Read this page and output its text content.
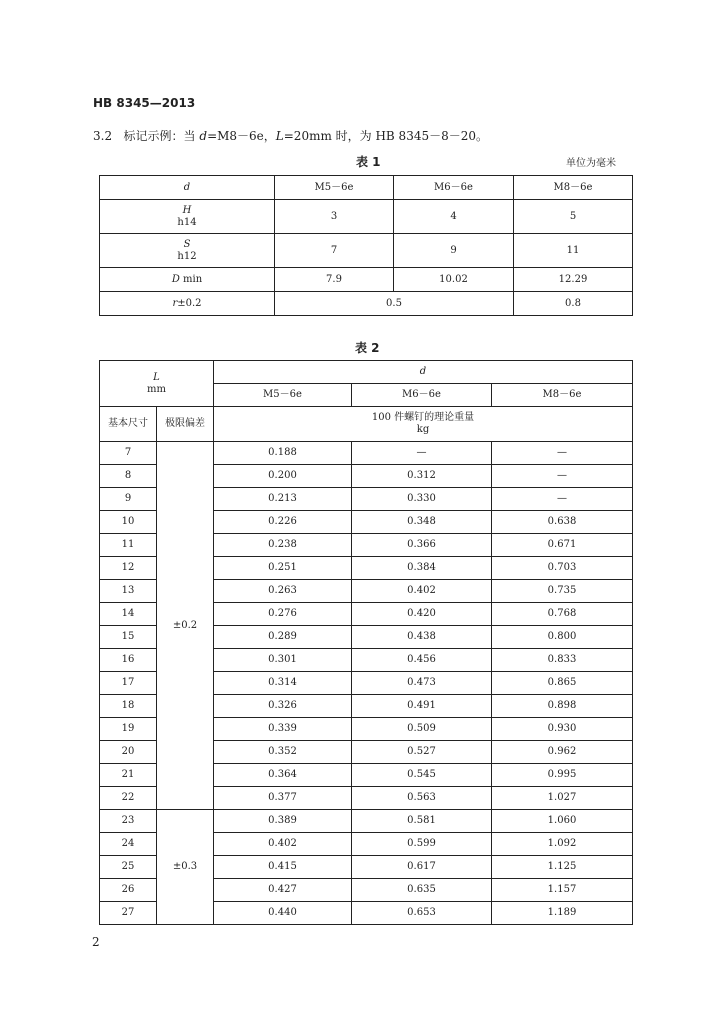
HB 8345—2013
3.2 标记示例：当 d=M8－6e，L=20mm 时，为 HB 8345－8－20。
表 1	单位为毫米
d	M5－6e	M6－6e	M8－6e
H
h14	3	4	5
S
h12	7	9	11
D min	7.9	10.02	12.29
r±0.2	0.5		0.8
表 2
L
mm		d		
		M5－6e	M6－6e	M8－6e
基本尺寸	极限偏差	100 件螺钉的理论重量
kg		
7	±0.2	0.188	—	—
8		0.200	0.312	—
9		0.213	0.330	—
10		0.226	0.348	0.638
11		0.238	0.366	0.671
12		0.251	0.384	0.703
13		0.263	0.402	0.735
14		0.276	0.420	0.768
15		0.289	0.438	0.800
16		0.301	0.456	0.833
17		0.314	0.473	0.865
18		0.326	0.491	0.898
19		0.339	0.509	0.930
20		0.352	0.527	0.962
21		0.364	0.545	0.995
22		0.377	0.563	1.027
23	±0.3	0.389	0.581	1.060
24		0.402	0.599	1.092
25		0.415	0.617	1.125
26		0.427	0.635	1.157
27		0.440	0.653	1.189
2
